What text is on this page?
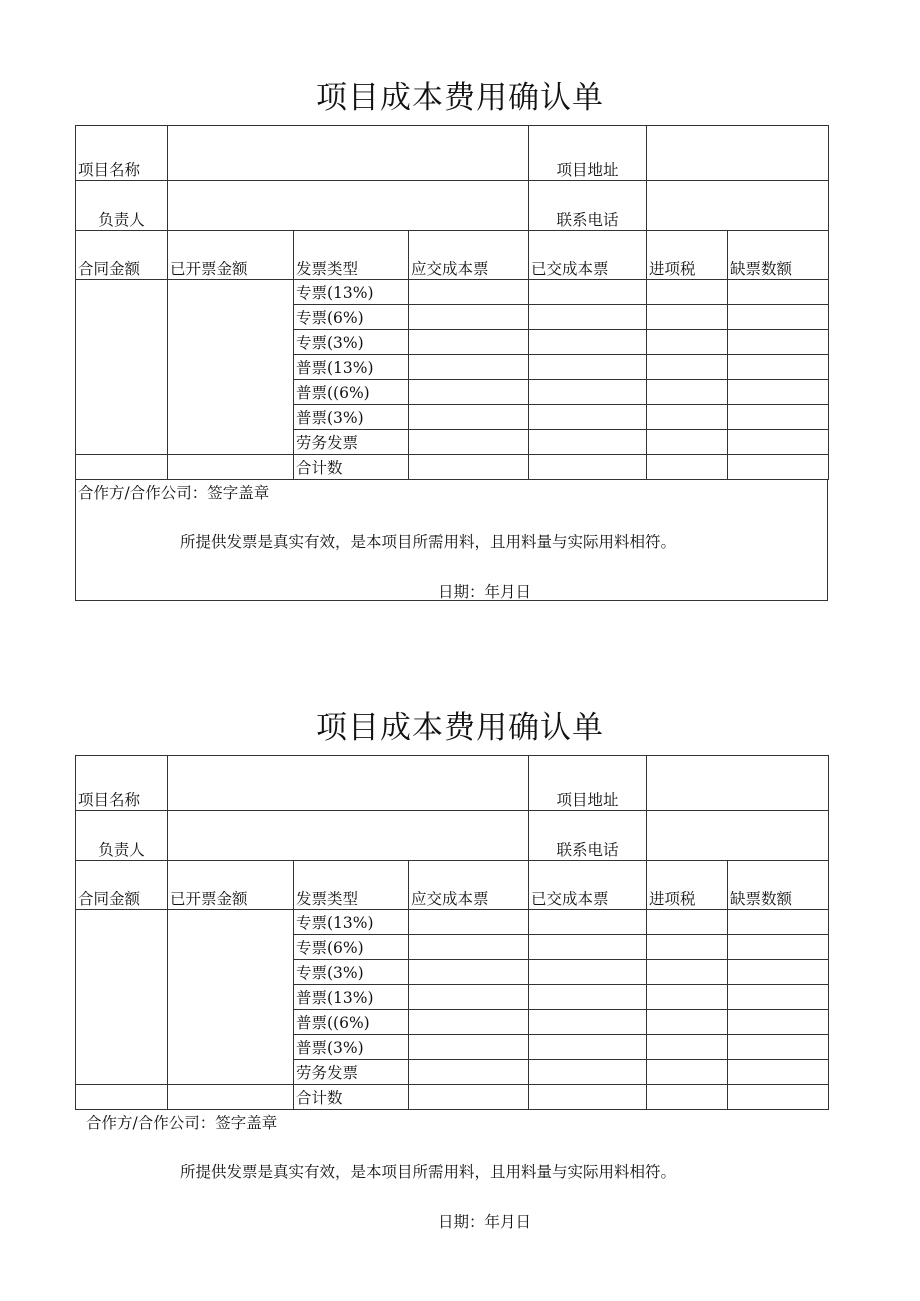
项目成本费用确认单
项目名称				项目地址		
负责人				联系电话		
合同金额	已开票金额	发票类型	应交成本票	已交成本票	进项税	缺票数额
		专票(13%)				
		专票(6%)				
		专票(3%)				
		普票(13%)				
		普票((6%)				
		普票(3%)				
		劳务发票				
		合计数				
合作方/合作公司：签字盖章
所提供发票是真实有效，是本项目所需用料，且用料量与实际用料相符。
日期：年月日
项目成本费用确认单
项目名称				项目地址		
负责人				联系电话		
合同金额	已开票金额	发票类型	应交成本票	已交成本票	进项税	缺票数额
		专票(13%)				
		专票(6%)				
		专票(3%)				
		普票(13%)				
		普票((6%)				
		普票(3%)				
		劳务发票				
		合计数				
合作方/合作公司：签字盖章
所提供发票是真实有效，是本项目所需用料，且用料量与实际用料相符。
日期：年月日
